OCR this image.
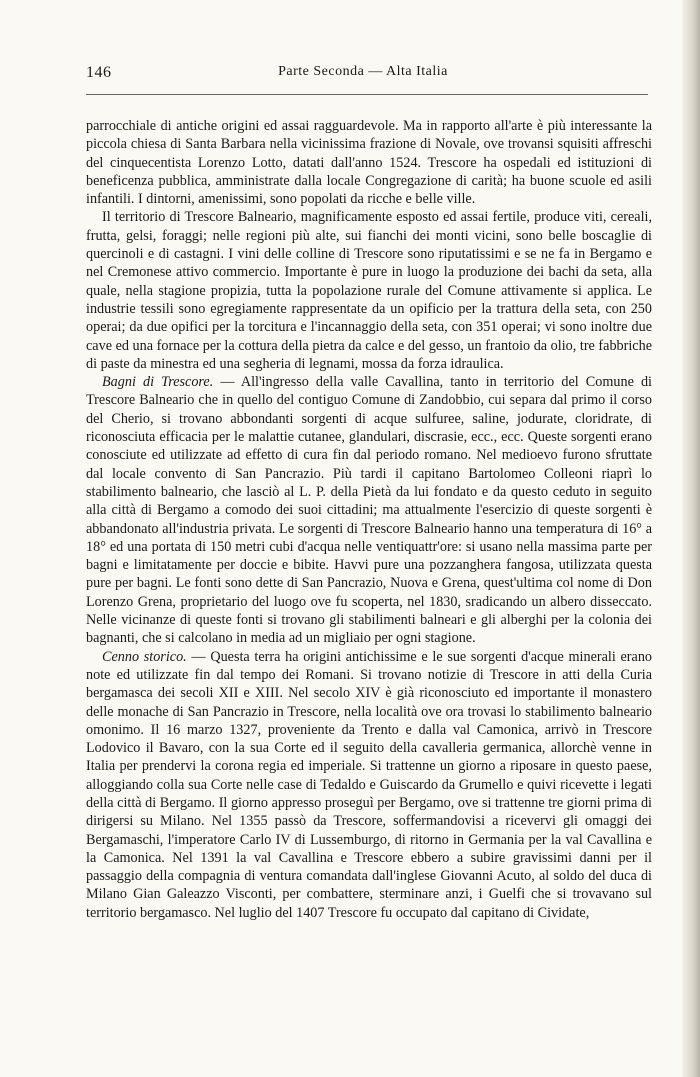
146	Parte Seconda — Alta Italia

parrocchiale di antiche origini ed assai ragguardevole. Ma in rapporto all'arte è più interessante la piccola chiesa di Santa Barbara nella vicinissima frazione di Novale, ove trovansi squisiti affreschi del cinquecentista Lorenzo Lotto, datati dall'anno 1524. Trescore ha ospedali ed istituzioni di beneficenza pubblica, amministrate dalla locale Congregazione di carità; ha buone scuole ed asili infantili. I dintorni, amenissimi, sono popolati da ricche e belle ville.

Il territorio di Trescore Balneario, magnificamente esposto ed assai fertile, produce viti, cereali, frutta, gelsi, foraggi; nelle regioni più alte, sui fianchi dei monti vicini, sono belle boscaglie di quercinoli e di castagni. I vini delle colline di Trescore sono riputatissimi e se ne fa in Bergamo e nel Cremonese attivo commercio. Importante è pure in luogo la produzione dei bachi da seta, alla quale, nella stagione propizia, tutta la popolazione rurale del Comune attivamente si applica. Le industrie tessili sono egregiamente rappresentate da un opificio per la trattura della seta, con 250 operai; da due opifici per la torcitura e l'incannaggio della seta, con 351 operai; vi sono inoltre due cave ed una fornace per la cottura della pietra da calce e del gesso, un frantoio da olio, tre fabbriche di paste da minestra ed una segheria di legnami, mossa da forza idraulica.

Bagni di Trescore. — All'ingresso della valle Cavallina, tanto in territorio del Comune di Trescore Balneario che in quello del contiguo Comune di Zandobbio, cui separa dal primo il corso del Cherio, si trovano abbondanti sorgenti di acque sulfuree, saline, jodurate, cloridrate, di riconosciuta efficacia per le malattie cutanee, glandulari, discrasie, ecc., ecc. Queste sorgenti erano conosciute ed utilizzate ad effetto di cura fin dal periodo romano. Nel medioevo furono sfruttate dal locale convento di San Pancrazio. Più tardi il capitano Bartolomeo Colleoni riaprì lo stabilimento balneario, che lasciò al L. P. della Pietà da lui fondato e da questo ceduto in seguito alla città di Bergamo a comodo dei suoi cittadini; ma attualmente l'esercizio di queste sorgenti è abbandonato all'industria privata. Le sorgenti di Trescore Balneario hanno una temperatura di 16° a 18° ed una portata di 150 metri cubi d'acqua nelle ventiquattr'ore: si usano nella massima parte per bagni e limitatamente per doccie e bibite. Havvi pure una pozzanghera fangosa, utilizzata questa pure per bagni. Le fonti sono dette di San Pancrazio, Nuova e Grena, quest'ultima col nome di Don Lorenzo Grena, proprietario del luogo ove fu scoperta, nel 1830, sradicando un albero disseccato. Nelle vicinanze di queste fonti si trovano gli stabilimenti balneari e gli alberghi per la colonia dei bagnanti, che si calcolano in media ad un migliaio per ogni stagione.

Cenno storico. — Questa terra ha origini antichissime e le sue sorgenti d'acque minerali erano note ed utilizzate fin dal tempo dei Romani. Si trovano notizie di Trescore in atti della Curia bergamasca dei secoli XII e XIII. Nel secolo XIV è già riconosciuto ed importante il monastero delle monache di San Pancrazio in Trescore, nella località ove ora trovasi lo stabilimento balneario omonimo. Il 16 marzo 1327, proveniente da Trento e dalla val Camonica, arrivò in Trescore Lodovico il Bavaro, con la sua Corte ed il seguito della cavalleria germanica, allorchè venne in Italia per prendervi la corona regia ed imperiale. Si trattenne un giorno a riposare in questo paese, alloggiando colla sua Corte nelle case di Tedaldo e Guiscardo da Grumello e quivi ricevette i legati della città di Bergamo. Il giorno appresso proseguì per Bergamo, ove si trattenne tre giorni prima di dirigersi su Milano. Nel 1355 passò da Trescore, soffermandovisi a ricevervi gli omaggi dei Bergamaschi, l'imperatore Carlo IV di Lussemburgo, di ritorno in Germania per la val Cavallina e la Camonica. Nel 1391 la val Cavallina e Trescore ebbero a subire gravissimi danni per il passaggio della compagnia di ventura comandata dall'inglese Giovanni Acuto, al soldo del duca di Milano Gian Galeazzo Visconti, per combattere, sterminare anzi, i Guelfi che si trovavano sul territorio bergamasco. Nel luglio del 1407 Trescore fu occupato dal capitano di Cividate,
